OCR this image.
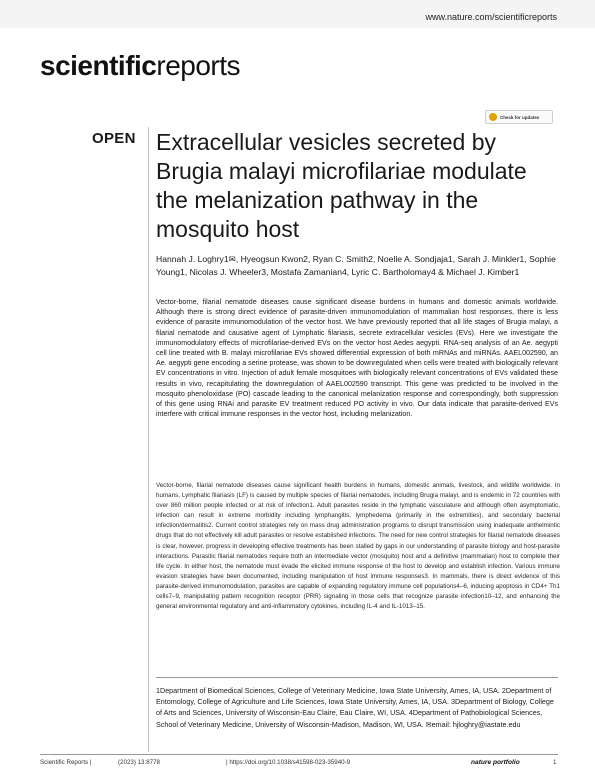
www.nature.com/scientificreports
scientificreports
Check for updates
OPEN Extracellular vesicles secreted by Brugia malayi microfilariae modulate the melanization pathway in the mosquito host
Hannah J. Loghry1✉, Hyeogsun Kwon2, Ryan C. Smith2, Noelle A. Sondjaja1, Sarah J. Minkler1, Sophie Young1, Nicolas J. Wheeler3, Mostafa Zamanian4, Lyric C. Bartholomay4 & Michael J. Kimber1
Vector-borne, filarial nematode diseases cause significant disease burdens in humans and domestic animals worldwide. Although there is strong direct evidence of parasite-driven immunomodulation of mammalian host responses, there is less evidence of parasite immunomodulation of the vector host. We have previously reported that all life stages of Brugia malayi, a filarial nematode and causative agent of Lymphatic filariasis, secrete extracellular vesicles (EVs). Here we investigate the immunomodulatory effects of microfilariae-derived EVs on the vector host Aedes aegypti. RNA-seq analysis of an Ae. aegypti cell line treated with B. malayi microfilariae EVs showed differential expression of both mRNAs and miRNAs. AAEL002590, an Ae. aegypti gene encoding a serine protease, was shown to be downregulated when cells were treated with biologically relevant EV concentrations in vitro. Injection of adult female mosquitoes with biologically relevant concentrations of EVs validated these results in vivo, recapitulating the downregulation of AAEL002590 transcript. This gene was predicted to be involved in the mosquito phenoloxidase (PO) cascade leading to the canonical melanization response and correspondingly, both suppression of this gene using RNAi and parasite EV treatment reduced PO activity in vivo. Our data indicate that parasite-derived EVs interfere with critical immune responses in the vector host, including melanization.
Vector-borne, filarial nematode diseases cause significant health burdens in humans, domestic animals, livestock, and wildlife worldwide. In humans, Lymphatic filariasis (LF) is caused by multiple species of filarial nematodes, including Brugia malayi, and is endemic in 72 countries with over 860 million people infected or at risk of infection1. Adult parasites reside in the lymphatic vasculature and although often asymptomatic, infection can result in extreme morbidity including lymphangitis, lymphedema (primarily in the extremities), and secondary bacterial infection/dermatitis2. Current control strategies rely on mass drug administration programs to disrupt transmission using inadequate anthelmintic drugs that do not effectively kill adult parasites or resolve established infections. The need for new control strategies for filarial nematode diseases is clear, however, progress in developing effective treatments has been stalled by gaps in our understanding of parasite biology and host-parasite interactions. Parasitic filarial nematodes require both an intermediate vector (mosquito) host and a definitive (mammalian) host to complete their life cycle. In either host, the nematode must evade the elicited immune response of the host to develop and establish infection. Various immune evasion strategies have been documented, including manipulation of host immune responses3. In mammals, there is direct evidence of this parasite-derived immunomodulation, parasites are capable of expanding regulatory immune cell populations4–6, inducing apoptosis in CD4+ Th1 cells7–9, manipulating pattern recognition receptor (PRR) signaling in those cells that recognize parasite infection10–12, and enhancing the general environmental regulatory and anti-inflammatory cytokines, including IL-4 and IL-1013–15.
1Department of Biomedical Sciences, College of Veterinary Medicine, Iowa State University, Ames, IA, USA. 2Department of Entomology, College of Agriculture and Life Sciences, Iowa State University, Ames, IA, USA. 3Department of Biology, College of Arts and Sciences, University of Wisconsin-Eau Claire, Eau Claire, WI, USA. 4Department of Pathobiological Sciences, School of Veterinary Medicine, University of Wisconsin-Madison, Madison, WI, USA. ✉email: hjloghry@iastate.edu
Scientific Reports |	(2023) 13:8778	| https://doi.org/10.1038/s41598-023-35940-9	nature portfolio	1
